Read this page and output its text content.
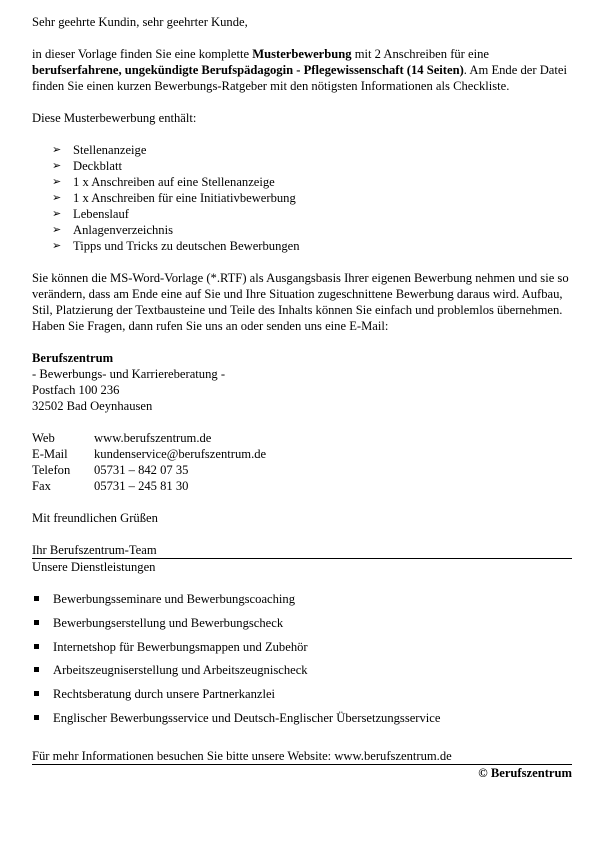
Sehr geehrte Kundin, sehr geehrter Kunde,

in dieser Vorlage finden Sie eine komplette Musterbewerbung mit 2 Anschreiben für eine berufserfahrene, ungekündigte Berufspädagogin - Pflegewissenschaft (14 Seiten). Am Ende der Datei finden Sie einen kurzen Bewerbungs-Ratgeber mit den nötigsten Informationen als Checkliste.

Diese Musterbewerbung enthält:

➢ Stellenanzeige
➢ Deckblatt
➢ 1 x Anschreiben auf eine Stellenanzeige
➢ 1 x Anschreiben für eine Initiativbewerbung
➢ Lebenslauf
➢ Anlagenverzeichnis
➢ Tipps und Tricks zu deutschen Bewerbungen

Sie können die MS-Word-Vorlage (*.RTF) als Ausgangsbasis Ihrer eigenen Bewerbung nehmen und sie so verändern, dass am Ende eine auf Sie und Ihre Situation zugeschnittene Bewerbung daraus wird. Aufbau, Stil, Platzierung der Textbausteine und Teile des Inhalts können Sie einfach und problemlos übernehmen.

Haben Sie Fragen, dann rufen Sie uns an oder senden uns eine E-Mail:

Berufszentrum

- Bewerbungs- und Karriereberatung -

Postfach 100 236

32502 Bad Oeynhausen

Web	www.berufszentrum.de
E-Mail	kundenservice@berufszentrum.de
Telefon	05731 – 842 07 35
Fax	05731 – 245 81 30

Mit freundlichen Grüßen

Ihr Berufszentrum-Team

Unsere Dienstleistungen

Bewerbungsseminare und Bewerbungscoaching
Bewerbungserstellung und Bewerbungscheck
Internetshop für Bewerbungsmappen und Zubehör
Arbeitszeugniserstellung und Arbeitszeugnischeck
Rechtsberatung durch unsere Partnerkanzlei
Englischer Bewerbungsservice und Deutsch-Englischer Übersetzungsservice

Für mehr Informationen besuchen Sie bitte unsere Website: www.berufszentrum.de

© Berufszentrum
